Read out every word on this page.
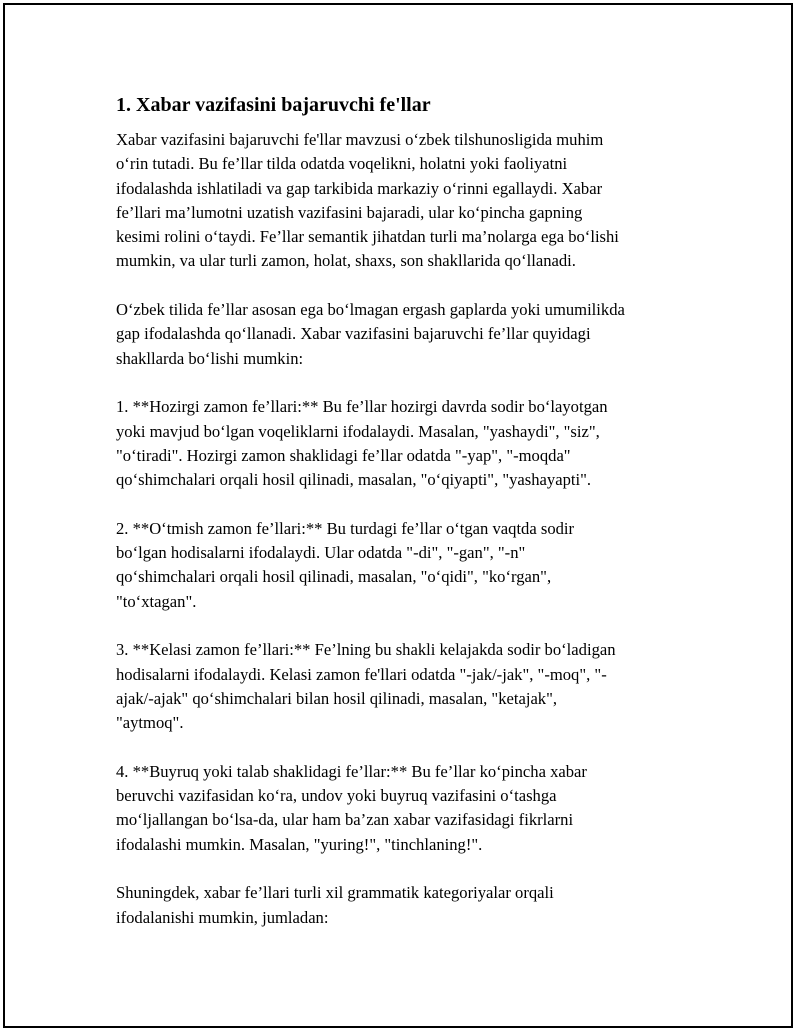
1. Xabar vazifasini bajaruvchi fe'llar
Xabar vazifasini bajaruvchi fe'llar mavzusi oʻzbek tilshunosligida muhim
oʻrin tutadi. Bu fe’llar tilda odatda voqelikni, holatni yoki faoliyatni
ifodalashda ishlatiladi va gap tarkibida markaziy oʻrinni egallaydi. Xabar
fe’llari ma’lumotni uzatish vazifasini bajaradi, ular koʻpincha gapning
kesimi rolini oʻtaydi. Fe’llar semantik jihatdan turli ma’nolarga ega boʻlishi
mumkin, va ular turli zamon, holat, shaxs, son shakllarida qoʻllanadi.
Oʻzbek tilida fe’llar asosan ega boʻlmagan ergash gaplarda yoki umumilikda
gap ifodalashda qoʻllanadi. Xabar vazifasini bajaruvchi fe’llar quyidagi
shakllarda boʻlishi mumkin:
1. **Hozirgi zamon fe’llari:** Bu fe’llar hozirgi davrda sodir boʻlayotgan
yoki mavjud boʻlgan voqeliklarni ifodalaydi. Masalan, "yashaydi", "siz",
"oʻtiradi". Hozirgi zamon shaklidagi fe’llar odatda "-yap", "-moqda"
qoʻshimchalari orqali hosil qilinadi, masalan, "oʻqiyapti", "yashayapti".
2. **Oʻtmish zamon fe’llari:** Bu turdagi fe’llar oʻtgan vaqtda sodir
boʻlgan hodisalarni ifodalaydi. Ular odatda "-di", "-gan", "-n"
qoʻshimchalari orqali hosil qilinadi, masalan, "oʻqidi", "koʻrgan",
"toʻxtagan".
3. **Kelasi zamon fe’llari:** Fe’lning bu shakli kelajakda sodir boʻladigan
hodisalarni ifodalaydi. Kelasi zamon fe'llari odatda "-jak/-jak", "-moq", "-
ajak/-ajak" qoʻshimchalari bilan hosil qilinadi, masalan, "ketajak",
"aytmoq".
4. **Buyruq yoki talab shaklidagi fe’llar:** Bu fe’llar koʻpincha xabar
beruvchi vazifasidan koʻra, undov yoki buyruq vazifasini oʻtashga
moʻljallangan boʻlsa-da, ular ham ba’zan xabar vazifasidagi fikrlarni
ifodalashi mumkin. Masalan, "yuring!", "tinchlaning!".
Shuningdek, xabar fe’llari turli xil grammatik kategoriyalar orqali
ifodalanishi mumkin, jumladan:
